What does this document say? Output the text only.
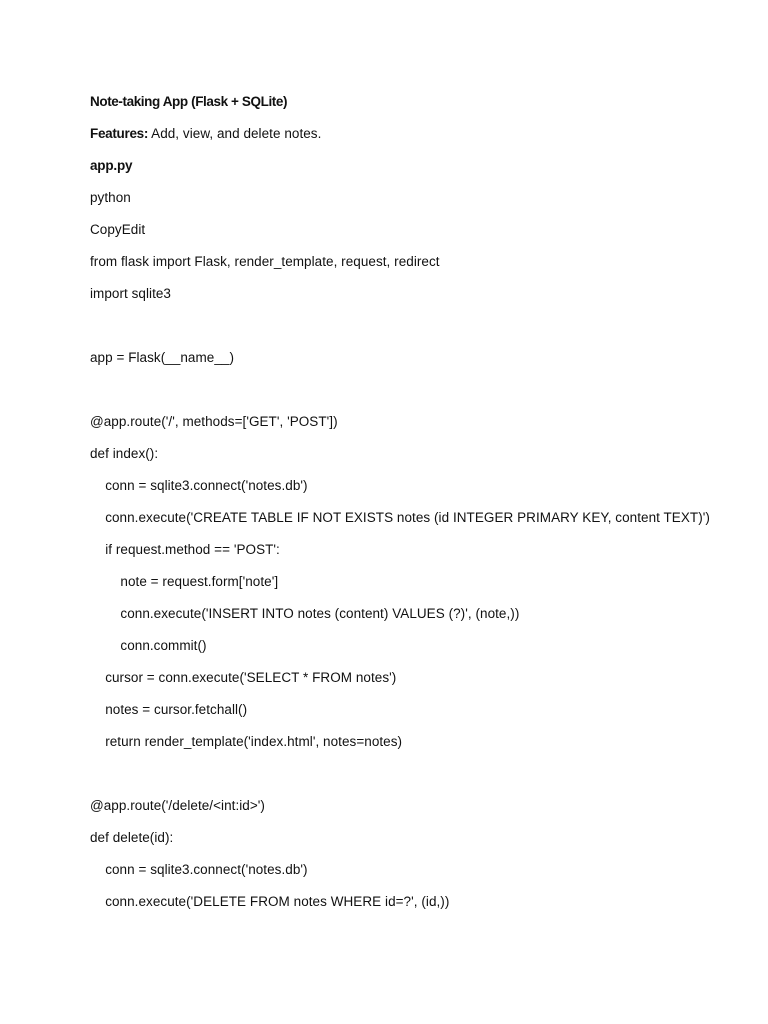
Note-taking App (Flask + SQLite)
Features: Add, view, and delete notes.
app.py
python
CopyEdit
from flask import Flask, render_template, request, redirect
import sqlite3
app = Flask(__name__)
@app.route('/', methods=['GET', 'POST'])
def index():
conn = sqlite3.connect('notes.db')
conn.execute('CREATE TABLE IF NOT EXISTS notes (id INTEGER PRIMARY KEY, content TEXT)')
if request.method == 'POST':
note = request.form['note']
conn.execute('INSERT INTO notes (content) VALUES (?)', (note,))
conn.commit()
cursor = conn.execute('SELECT * FROM notes')
notes = cursor.fetchall()
return render_template('index.html', notes=notes)
@app.route('/delete/<int:id>')
def delete(id):
conn = sqlite3.connect('notes.db')
conn.execute('DELETE FROM notes WHERE id=?', (id,))
